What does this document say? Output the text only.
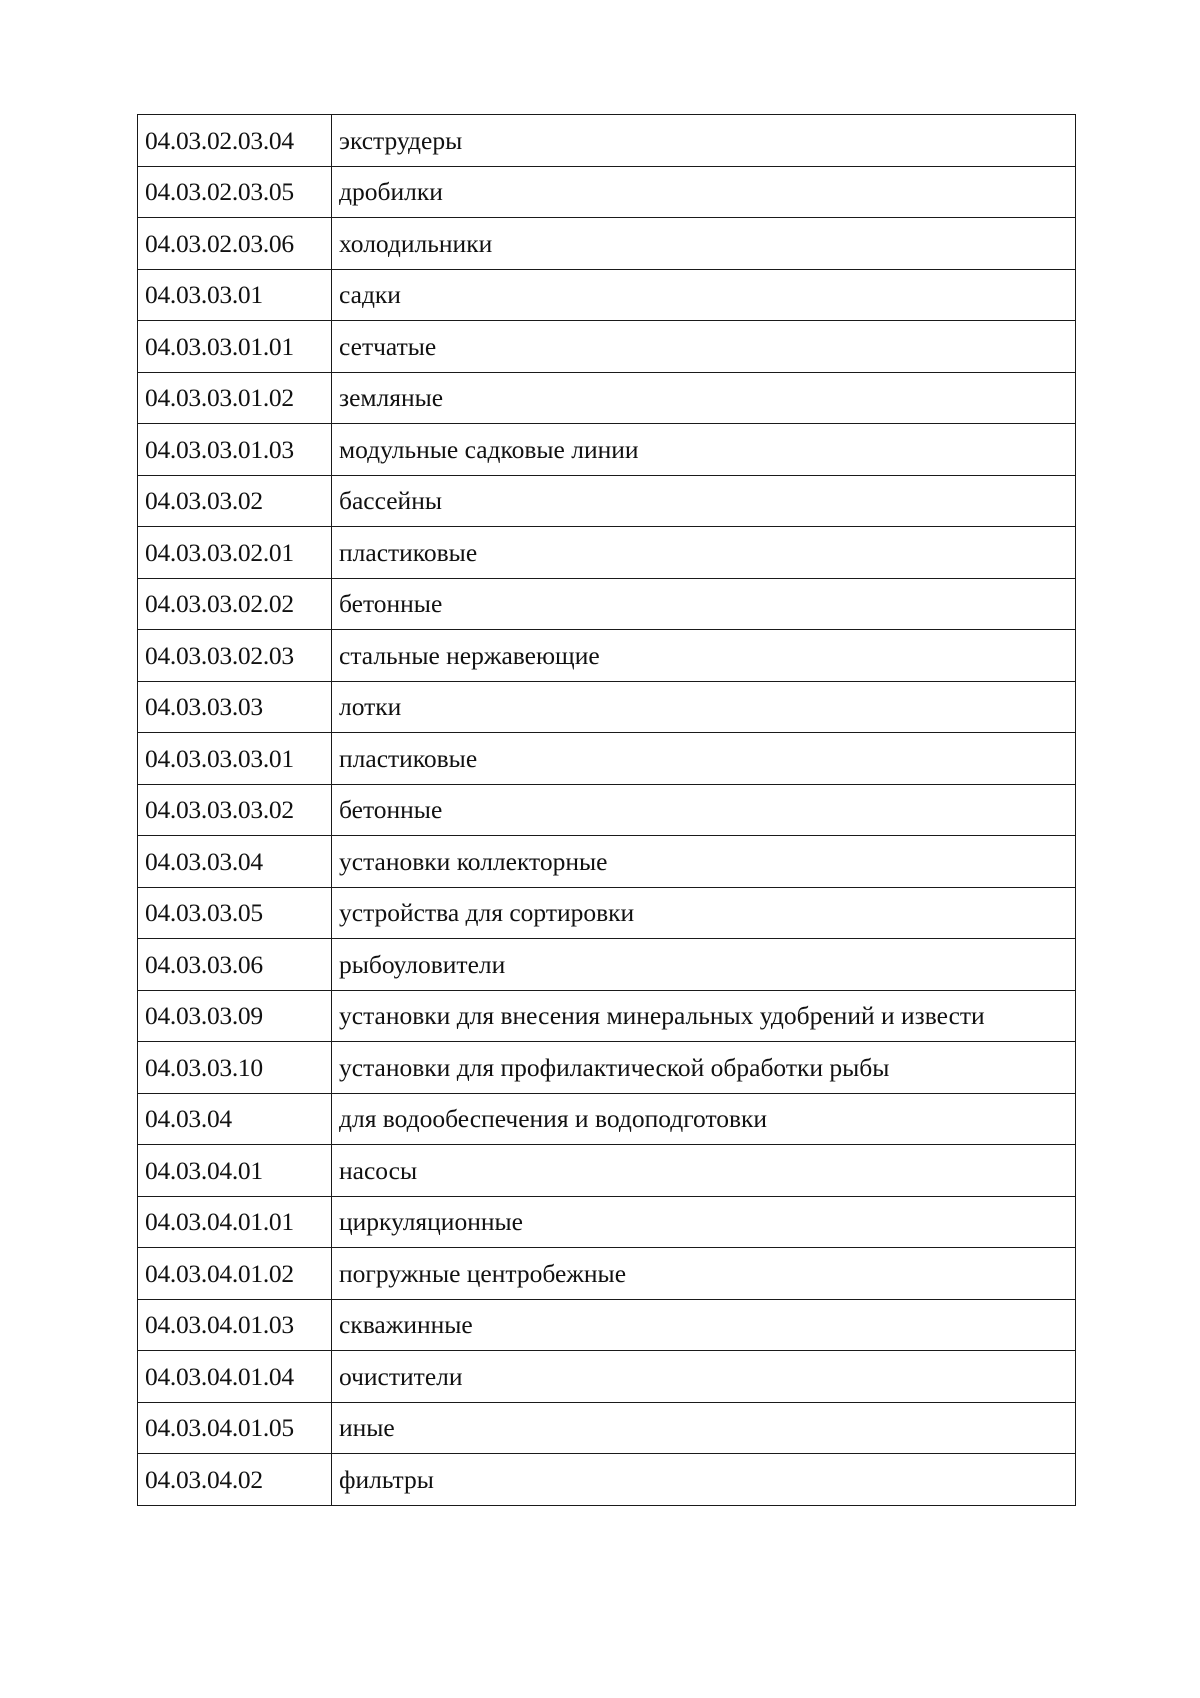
04.03.02.03.04	экструдеры
04.03.02.03.05	дробилки
04.03.02.03.06	холодильники
04.03.03.01	садки
04.03.03.01.01	сетчатые
04.03.03.01.02	земляные
04.03.03.01.03	модульные садковые линии
04.03.03.02	бассейны
04.03.03.02.01	пластиковые
04.03.03.02.02	бетонные
04.03.03.02.03	стальные нержавеющие
04.03.03.03	лотки
04.03.03.03.01	пластиковые
04.03.03.03.02	бетонные
04.03.03.04	установки коллекторные
04.03.03.05	устройства для сортировки
04.03.03.06	рыбоуловители
04.03.03.09	установки для внесения минеральных удобрений и извести
04.03.03.10	установки для профилактической обработки рыбы
04.03.04	для водообеспечения и водоподготовки
04.03.04.01	насосы
04.03.04.01.01	циркуляционные
04.03.04.01.02	погружные центробежные
04.03.04.01.03	скважинные
04.03.04.01.04	очистители
04.03.04.01.05	иные
04.03.04.02	фильтры
